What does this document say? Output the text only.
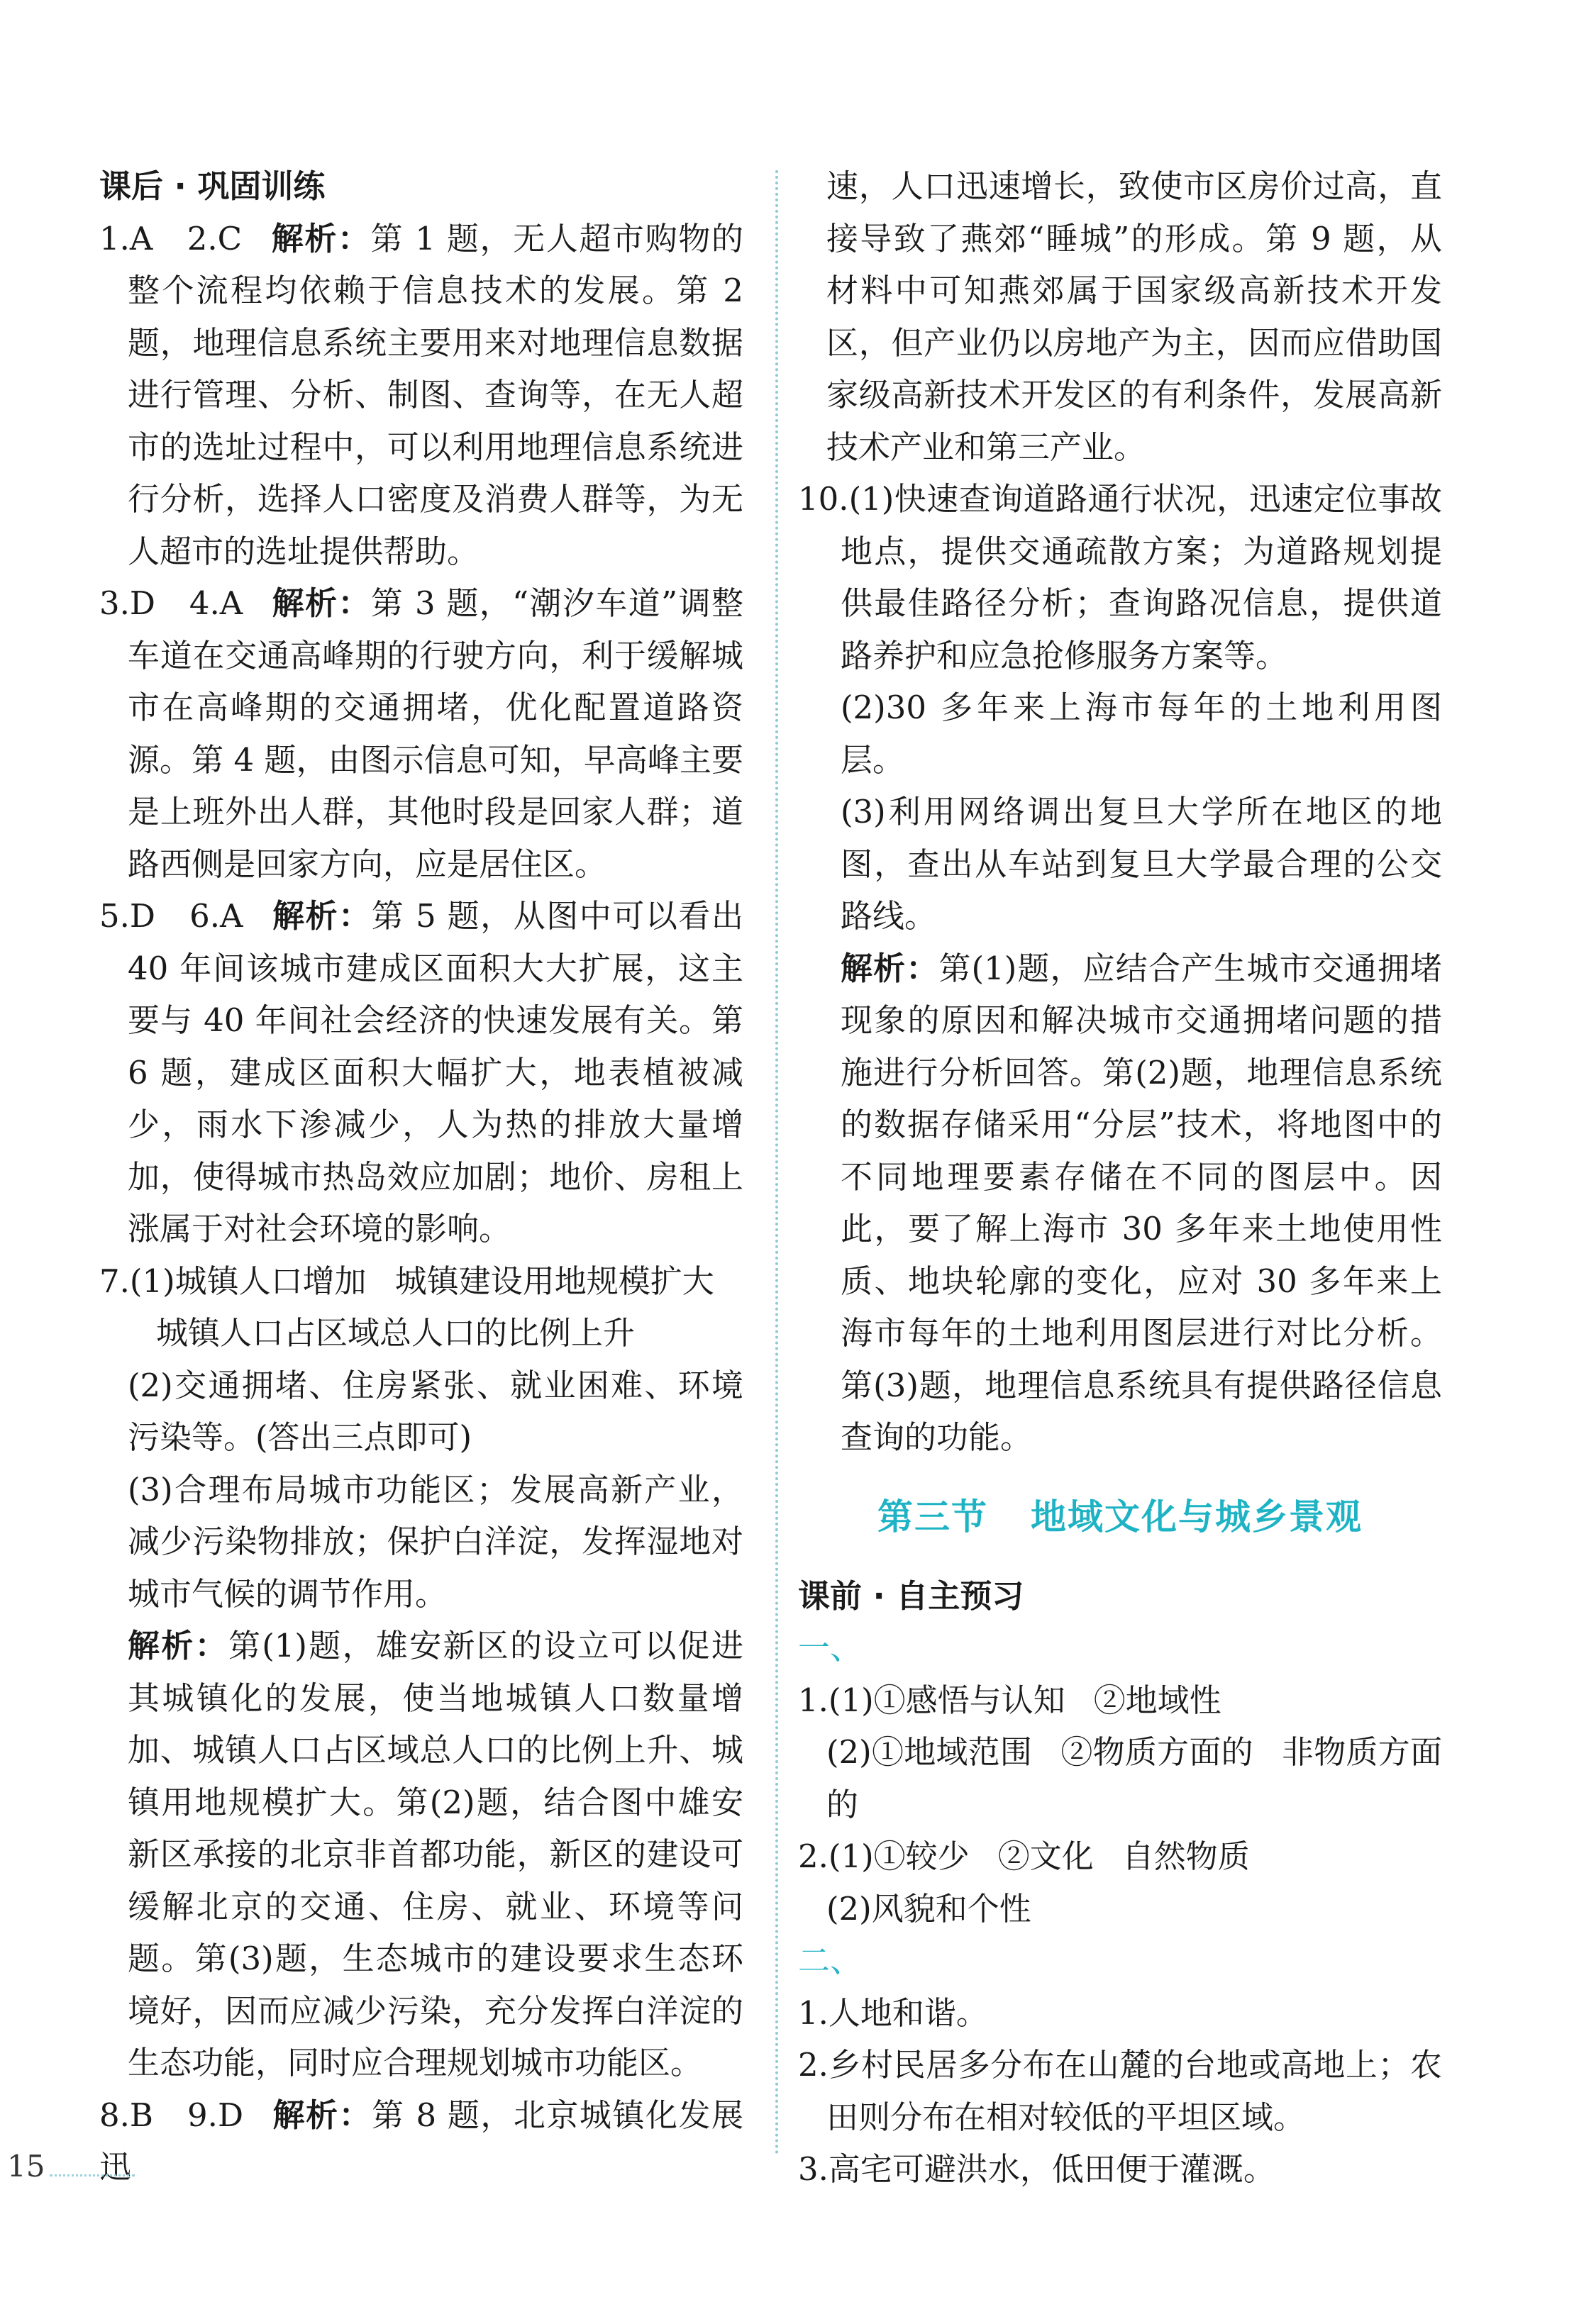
课后 · 巩固训练
1.A　2.C 解析：第 1 题，无人超市购物的整个流程均依赖于信息技术的发展。第 2 题，地理信息系统主要用来对地理信息数据进行管理、分析、制图、查询等，在无人超市的选址过程中，可以利用地理信息系统进行分析，选择人口密度及消费人群等，为无人超市的选址提供帮助。
3.D　4.A 解析：第 3 题，“潮汐车道”调整车道在交通高峰期的行驶方向，利于缓解城市在高峰期的交通拥堵，优化配置道路资源。第 4 题，由图示信息可知，早高峰主要是上班外出人群，其他时段是回家人群；道路西侧是回家方向，应是居住区。
5.D　6.A 解析：第 5 题，从图中可以看出 40 年间该城市建成区面积大大扩展，这主要与 40 年间社会经济的快速发展有关。第 6 题，建成区面积大幅扩大，地表植被减少，雨水下渗减少，人为热的排放大量增加，使得城市热岛效应加剧；地价、房租上涨属于对社会环境的影响。
7.(1)城镇人口增加 城镇建设用地规模扩大
城镇人口占区域总人口的比例上升
(2)交通拥堵、住房紧张、就业困难、环境污染等。(答出三点即可)
(3)合理布局城市功能区；发展高新产业，减少污染物排放；保护白洋淀，发挥湿地对城市气候的调节作用。
解析：第(1)题，雄安新区的设立可以促进其城镇化的发展，使当地城镇人口数量增加、城镇人口占区域总人口的比例上升、城镇用地规模扩大。第(2)题，结合图中雄安新区承接的北京非首都功能，新区的建设可缓解北京的交通、住房、就业、环境等问题。第(3)题，生态城市的建设要求生态环境好，因而应减少污染，充分发挥白洋淀的生态功能，同时应合理规划城市功能区。
8.B　9.D 解析：第 8 题，北京城镇化发展迅
速，人口迅速增长，致使市区房价过高，直接导致了燕郊“睡城”的形成。第 9 题，从材料中可知燕郊属于国家级高新技术开发区，但产业仍以房地产为主，因而应借助国家级高新技术开发区的有利条件，发展高新技术产业和第三产业。
10.(1)快速查询道路通行状况，迅速定位事故地点，提供交通疏散方案；为道路规划提供最佳路径分析；查询路况信息，提供道路养护和应急抢修服务方案等。
(2)30 多年来上海市每年的土地利用图层。
(3)利用网络调出复旦大学所在地区的地图，查出从车站到复旦大学最合理的公交路线。
解析：第(1)题，应结合产生城市交通拥堵现象的原因和解决城市交通拥堵问题的措施进行分析回答。第(2)题，地理信息系统的数据存储采用“分层”技术，将地图中的不同地理要素存储在不同的图层中。因此，要了解上海市 30 多年来土地使用性质、地块轮廓的变化，应对 30 多年来上海市每年的土地利用图层进行对比分析。第(3)题，地理信息系统具有提供路径信息查询的功能。
第三节 地域文化与城乡景观
课前 · 自主预习
一、
1.(1)①感悟与认知 ②地域性
(2)①地域范围 ②物质方面的 非物质方面的
2.(1)①较少 ②文化 自然物质
(2)风貌和个性
二、
1.人地和谐。
2.乡村民居多分布在山麓的台地或高地上；农田则分布在相对较低的平坦区域。
3.高宅可避洪水，低田便于灌溉。
15
